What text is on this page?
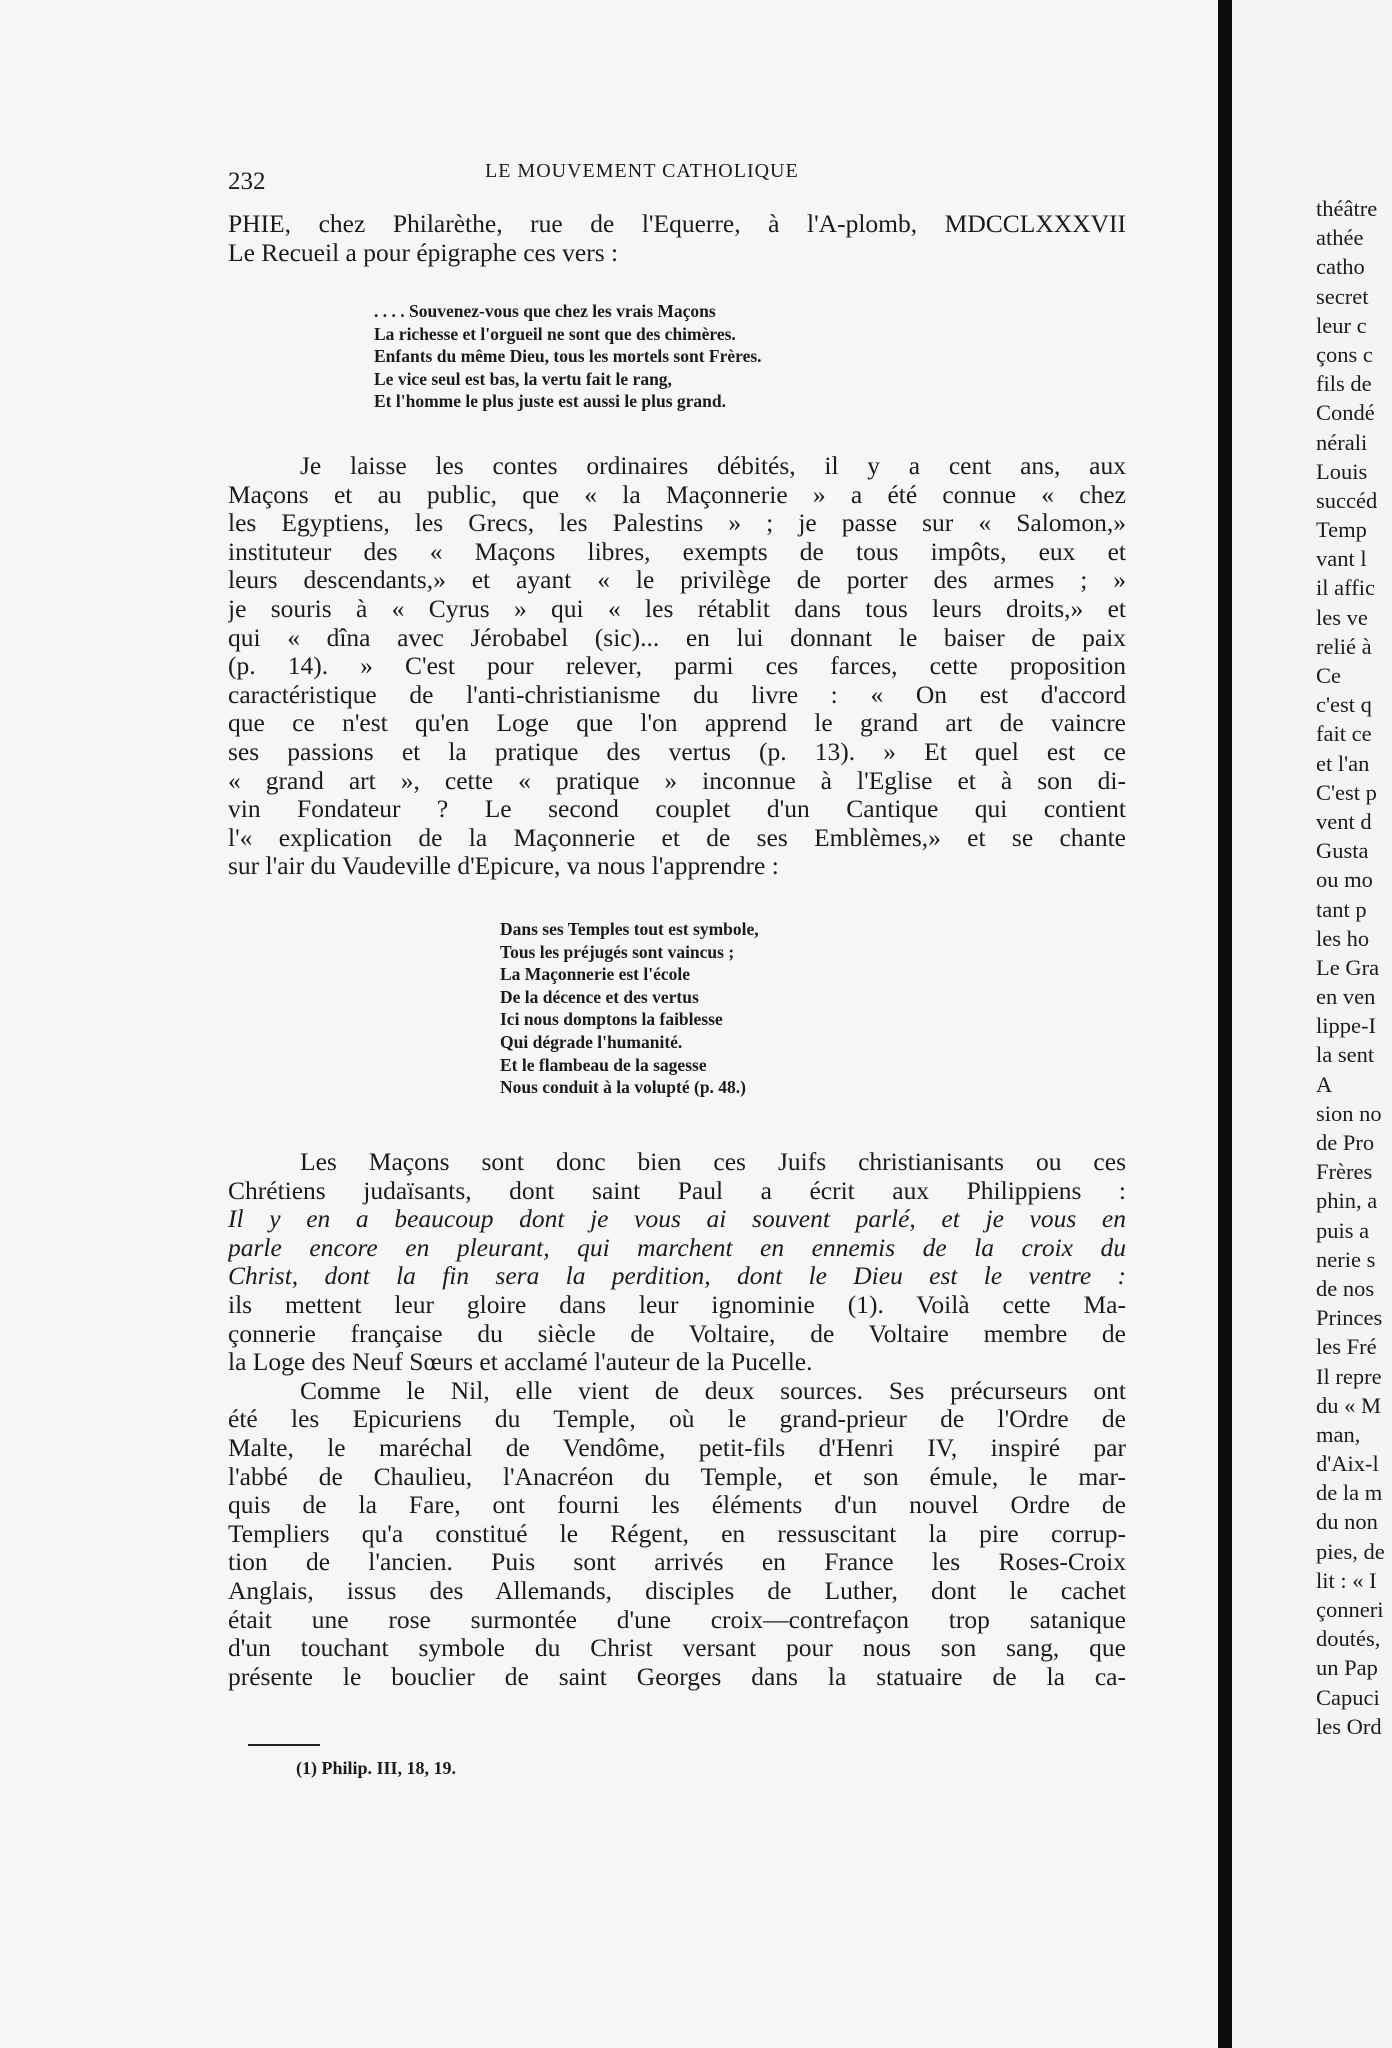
232	LE MOUVEMENT CATHOLIQUE
PHIE, chez Philarèthe, rue de l'Equerre, à l'A-plomb, MDCCLXXXVII
Le Recueil a pour épigraphe ces vers :
. . . . Souvenez-vous que chez les vrais Maçons
La richesse et l'orgueil ne sont que des chimères.
Enfants du même Dieu, tous les mortels sont Frères.
Le vice seul est bas, la vertu fait le rang,
Et l'homme le plus juste est aussi le plus grand.
Je laisse les contes ordinaires débités, il y a cent ans, aux
Maçons et au public, que « la Maçonnerie » a été connue « chez
les Egyptiens, les Grecs, les Palestins » ; je passe sur « Salomon,»
instituteur des « Maçons libres, exempts de tous impôts, eux et
leurs descendants,» et ayant « le privilège de porter des armes ; »
je souris à « Cyrus » qui « les rétablit dans tous leurs droits,» et
qui « dîna avec Jérobabel (sic)... en lui donnant le baiser de paix
(p. 14). » C'est pour relever, parmi ces farces, cette proposition
caractéristique de l'anti-christianisme du livre : « On est d'accord
que ce n'est qu'en Loge que l'on apprend le grand art de vaincre
ses passions et la pratique des vertus (p. 13). » Et quel est ce
« grand art », cette « pratique » inconnue à l'Eglise et à son di-
vin Fondateur ? Le second couplet d'un Cantique qui contient
l'« explication de la Maçonnerie et de ses Emblèmes,» et se chante
sur l'air du Vaudeville d'Epicure, va nous l'apprendre :
Dans ses Temples tout est symbole,
Tous les préjugés sont vaincus ;
La Maçonnerie est l'école
De la décence et des vertus
Ici nous domptons la faiblesse
Qui dégrade l'humanité.
Et le flambeau de la sagesse
Nous conduit à la volupté (p. 48.)
Les Maçons sont donc bien ces Juifs christianisants ou ces
Chrétiens judaïsants, dont saint Paul a écrit aux Philippiens :
Il y en a beaucoup dont je vous ai souvent parlé, et je vous en
parle encore en pleurant, qui marchent en ennemis de la croix du
Christ, dont la fin sera la perdition, dont le Dieu est le ventre :
ils mettent leur gloire dans leur ignominie (1). Voilà cette Ma-
çonnerie française du siècle de Voltaire, de Voltaire membre de
la Loge des Neuf Sœurs et acclamé l'auteur de la Pucelle.
Comme le Nil, elle vient de deux sources. Ses précurseurs ont
été les Epicuriens du Temple, où le grand-prieur de l'Ordre de
Malte, le maréchal de Vendôme, petit-fils d'Henri IV, inspiré par
l'abbé de Chaulieu, l'Anacréon du Temple, et son émule, le mar-
quis de la Fare, ont fourni les éléments d'un nouvel Ordre de
Templiers qu'a constitué le Régent, en ressuscitant la pire corrup-
tion de l'ancien. Puis sont arrivés en France les Roses-Croix
Anglais, issus des Allemands, disciples de Luther, dont le cachet
était une rose surmontée d'une croix—contrefaçon trop satanique
d'un touchant symbole du Christ versant pour nous son sang, que
présente le bouclier de saint Georges dans la statuaire de la ca-
(1) Philip. III, 18, 19.
théâtre
athée
catho
secret
leur c
çons c
fils de
Condé
nérali
Louis
succéd
Temp
vant l
il affic
les ve
relié à
Ce
c'est q
fait ce
et l'an
C'est p
vent d
Gusta
ou mo
tant p
les ho
Le Gra
en ven
lippe-I
la sent
A
sion no
de Pro
Frères
phin, a
puis a
nerie s
de nos
Princes
les Fré
Il repre
du « M
man,
d'Aix-l
de la m
du non
pies, de
lit : « I
çonneri
doutés,
un Pap
Capuci
les Ord
